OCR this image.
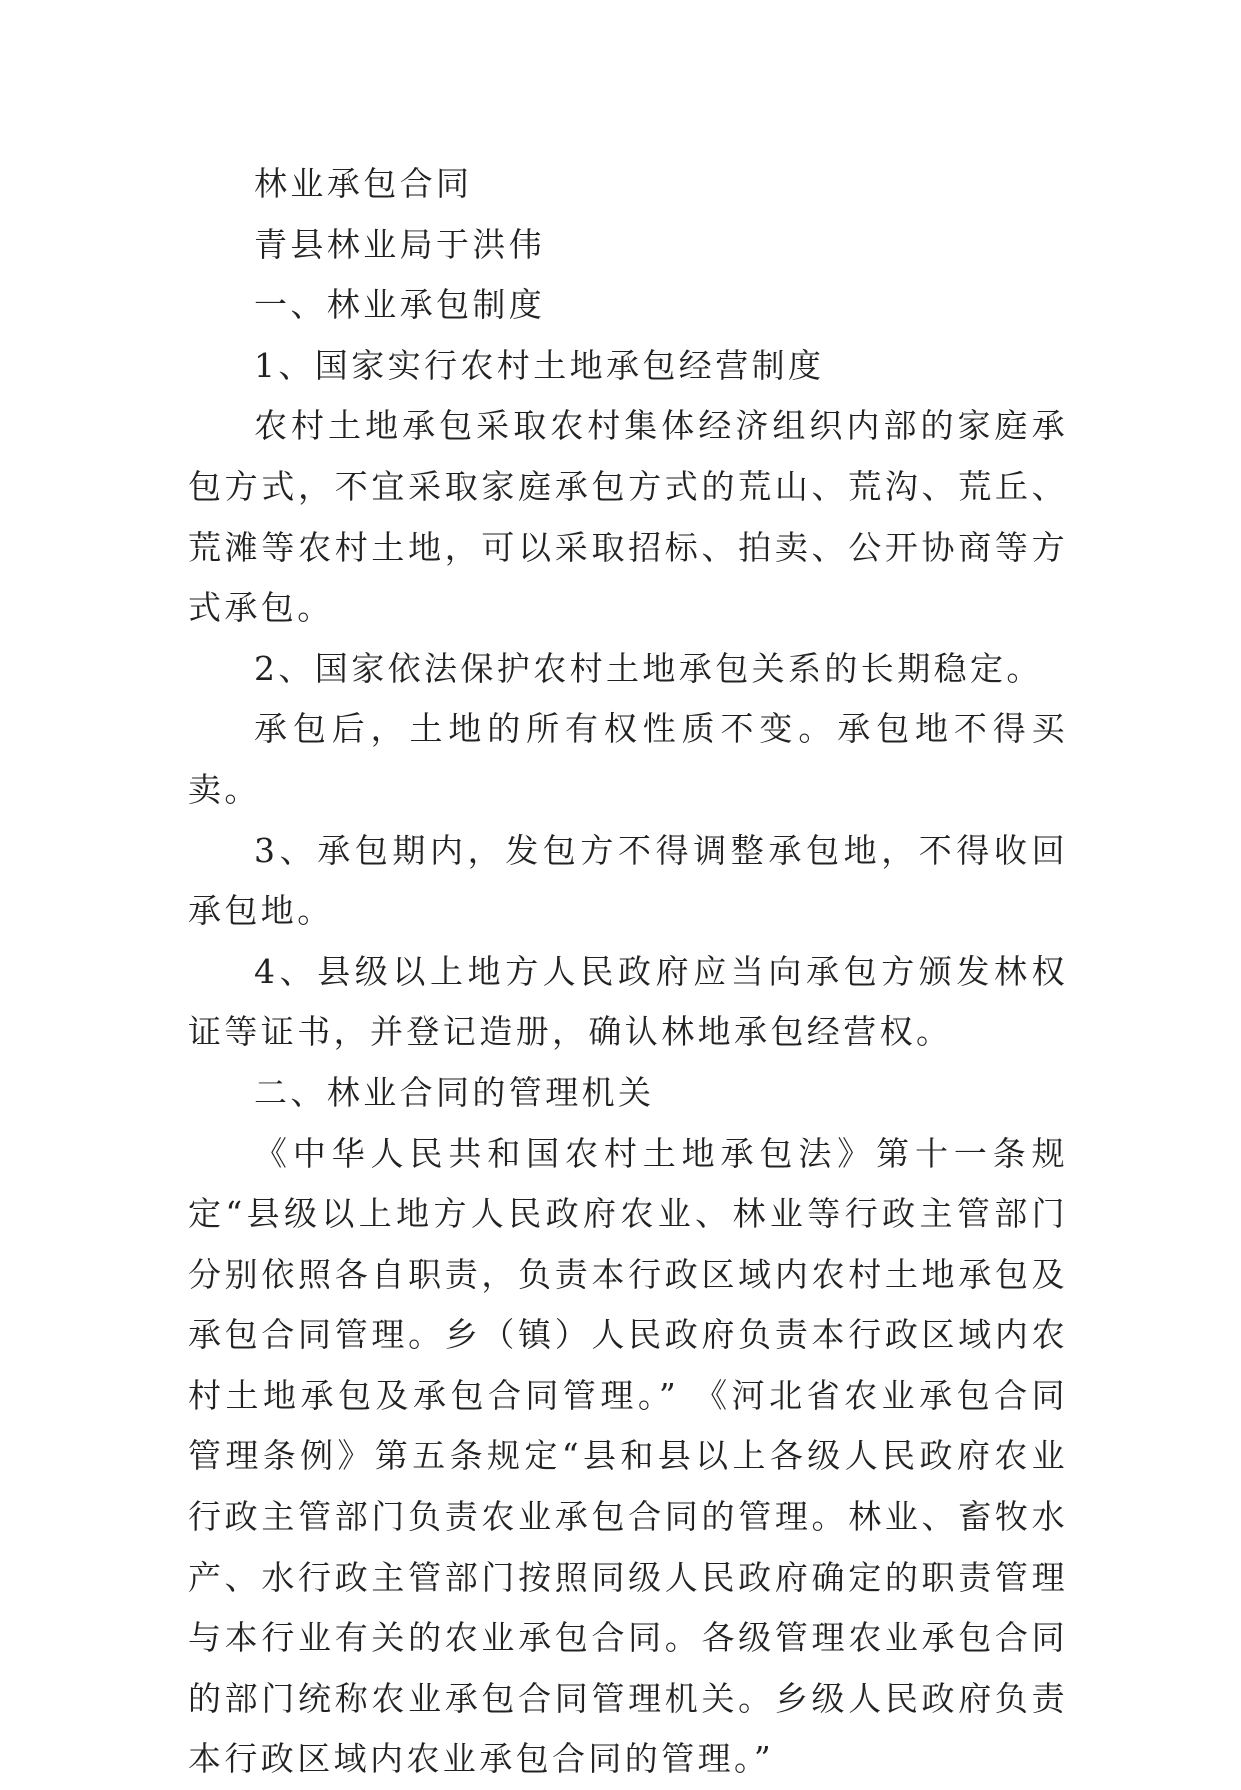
林业承包合同

青县林业局于洪伟

一、林业承包制度

1、国家实行农村土地承包经营制度

农村土地承包采取农村集体经济组织内部的家庭承包方式，不宜采取家庭承包方式的荒山、荒沟、荒丘、荒滩等农村土地，可以采取招标、拍卖、公开协商等方式承包。

2、国家依法保护农村土地承包关系的长期稳定。

承包后，土地的所有权性质不变。承包地不得买卖。

3、承包期内，发包方不得调整承包地，不得收回承包地。

4、县级以上地方人民政府应当向承包方颁发林权证等证书，并登记造册，确认林地承包经营权。

二、林业合同的管理机关

《中华人民共和国农村土地承包法》第十一条规定“县级以上地方人民政府农业、林业等行政主管部门分别依照各自职责，负责本行政区域内农村土地承包及承包合同管理。乡（镇）人民政府负责本行政区域内农村土地承包及承包合同管理。” 《河北省农业承包合同管理条例》第五条规定“县和县以上各级人民政府农业行政主管部门负责农业承包合同的管理。林业、畜牧水产、水行政主管部门按照同级人民政府确定的职责管理与本行业有关的农业承包合同。各级管理农业承包合同的部门统称农业承包合同管理机关。乡级人民政府负责本行政区域内农业承包合同的管理。”
